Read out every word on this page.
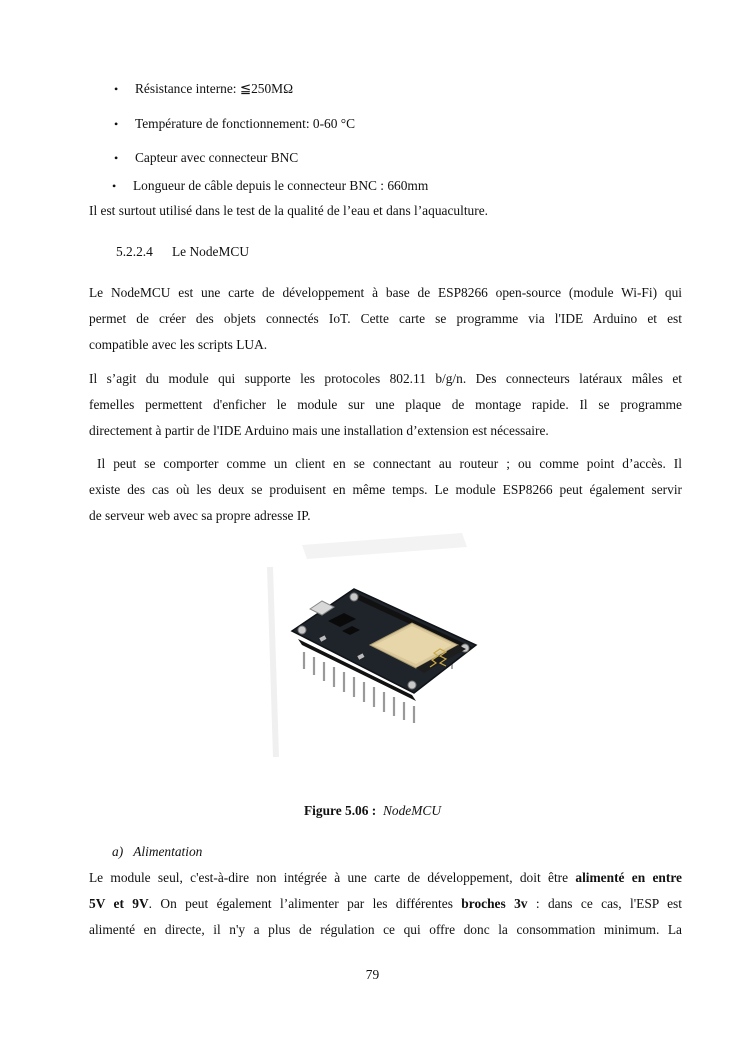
• Résistance interne: ≦250MΩ
• Température de fonctionnement: 0-60 °C
• Capteur avec connecteur BNC
• Longueur de câble depuis le connecteur BNC : 660mm
Il est surtout utilisé dans le test de la qualité de l’eau et dans l’aquaculture.
5.2.2.4 Le NodeMCU
Le NodeMCU est une carte de développement à base de ESP8266 open-source (module Wi-Fi) qui
permet de créer des objets connectés IoT. Cette carte se programme via l'IDE Arduino et est
compatible avec les scripts LUA.
Il s’agit du module qui supporte les protocoles 802.11 b/g/n. Des connecteurs latéraux mâles et
femelles permettent d'enficher le module sur une plaque de montage rapide. Il se programme
directement à partir de l'IDE Arduino mais une installation d’extension est nécessaire.
Il peut se comporter comme un client en se connectant au routeur ; ou comme point d’accès. Il
existe des cas où les deux se produisent en même temps. Le module ESP8266 peut également servir
de serveur web avec sa propre adresse IP.
Figure 5.06 : NodeMCU
a) Alimentation
Le module seul, c'est-à-dire non intégrée à une carte de développement, doit être alimenté en entre
5V et 9V. On peut également l’alimenter par les différentes broches 3v : dans ce cas, l'ESP est
alimenté en directe, il n'y a plus de régulation ce qui offre donc la consommation minimum. La
79
